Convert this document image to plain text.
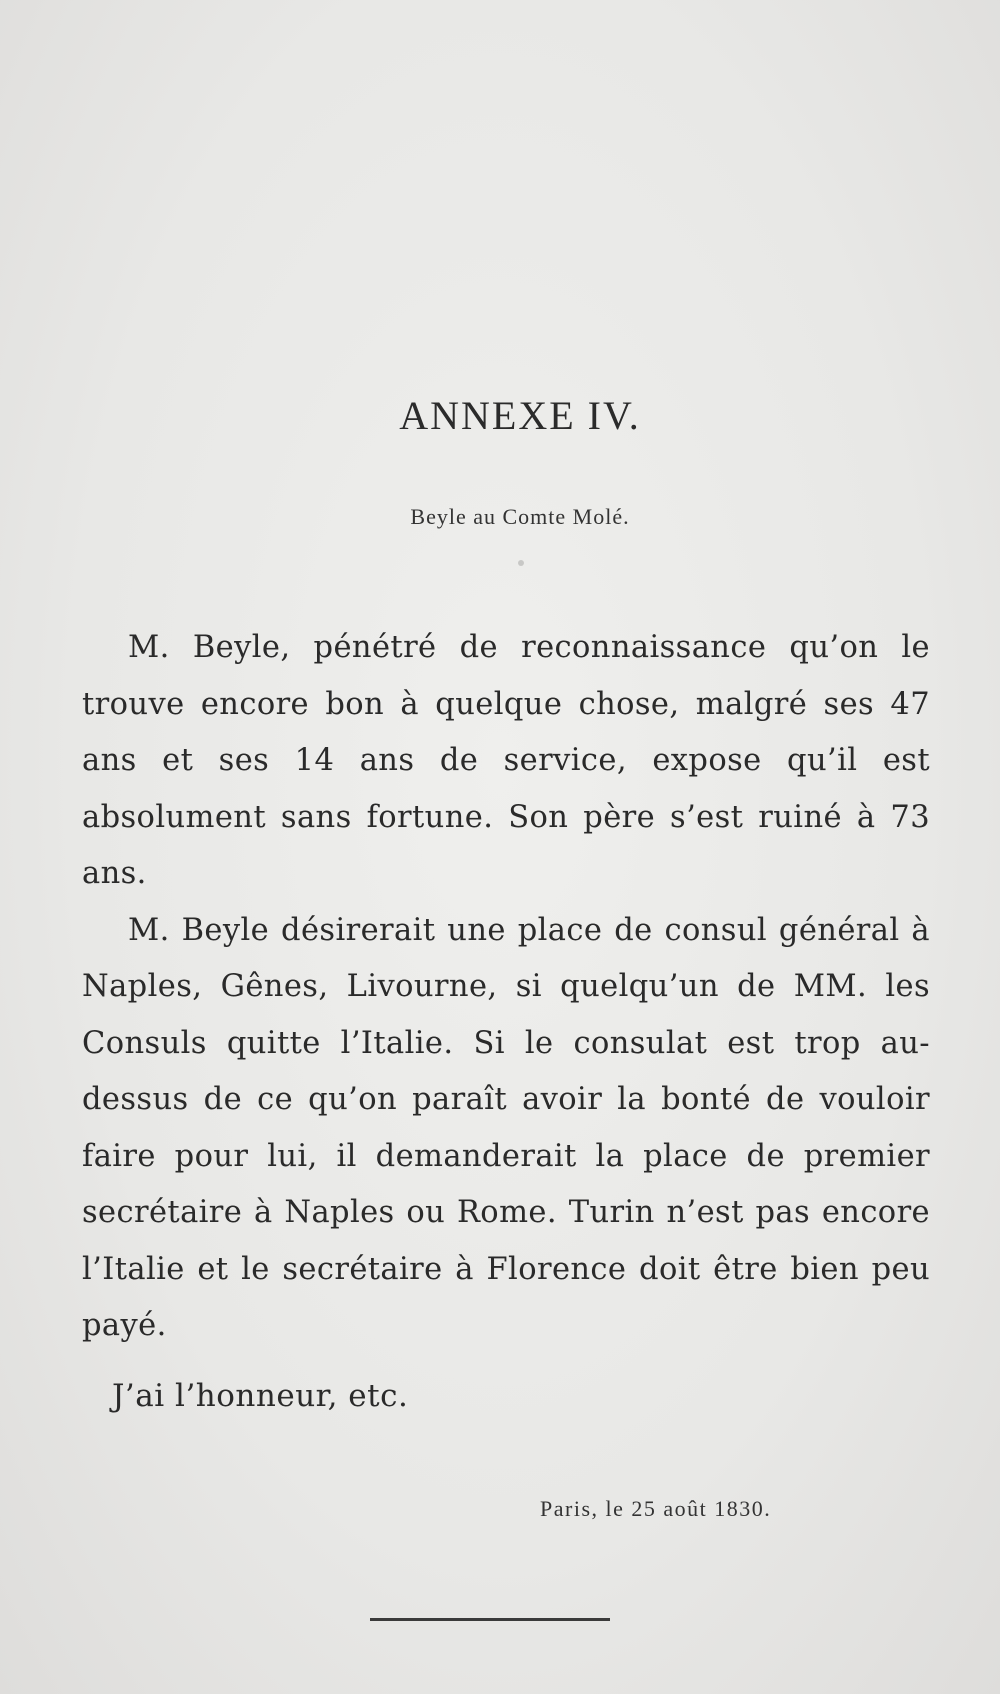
ANNEXE IV.
Beyle au Comte Molé.

M. Beyle, pénétré de reconnaissance qu’on le trouve encore bon à quelque chose, malgré ses 47 ans et ses 14 ans de service, expose qu’il est absolument sans fortune. Son père s’est ruiné à 73 ans.

M. Beyle désirerait une place de consul général à Naples, Gênes, Livourne, si quelqu’un de MM. les Consuls quitte l’Italie. Si le consulat est trop au-dessus de ce qu’on paraît avoir la bonté de vouloir faire pour lui, il demanderait la place de premier secrétaire à Naples ou Rome. Turin n’est pas encore l’Italie et le secrétaire à Florence doit être bien peu payé.

J’ai l’honneur, etc.
Paris, le 25 août 1830.
